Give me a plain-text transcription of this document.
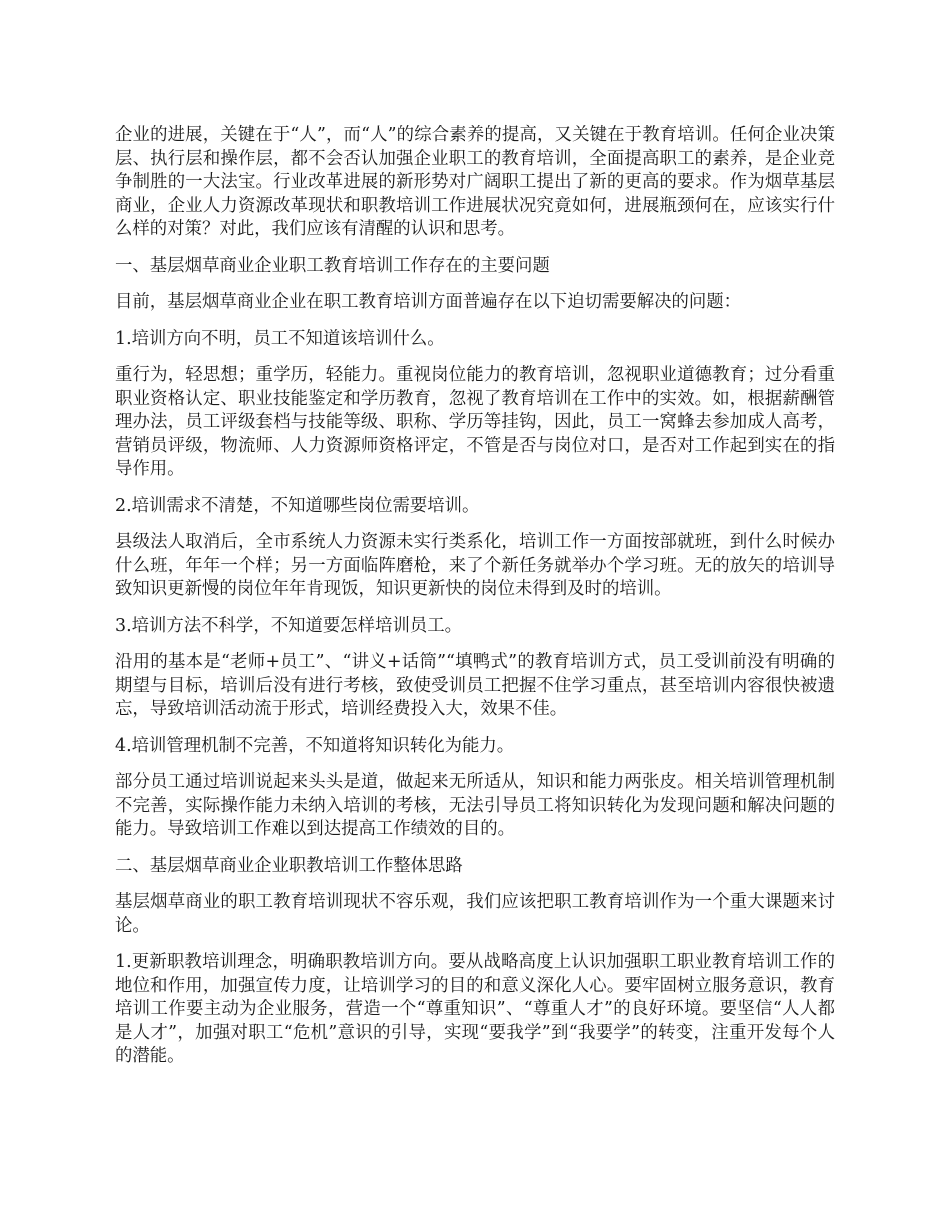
企业的进展，关键在于“人”，而“人”的综合素养的提高，又关键在于教育培训。任何企业决策层、执行层和操作层，都不会否认加强企业职工的教育培训，全面提高职工的素养，是企业竞争制胜的一大法宝。行业改革进展的新形势对广阔职工提出了新的更高的要求。作为烟草基层商业，企业人力资源改革现状和职教培训工作进展状况究竟如何，进展瓶颈何在，应该实行什么样的对策？对此，我们应该有清醒的认识和思考。

一、基层烟草商业企业职工教育培训工作存在的主要问题

目前，基层烟草商业企业在职工教育培训方面普遍存在以下迫切需要解决的问题：

1.培训方向不明，员工不知道该培训什么。

重行为，轻思想；重学历，轻能力。重视岗位能力的教育培训，忽视职业道德教育；过分看重职业资格认定、职业技能鉴定和学历教育，忽视了教育培训在工作中的实效。如，根据薪酬管理办法，员工评级套档与技能等级、职称、学历等挂钩，因此，员工一窝蜂去参加成人高考，营销员评级，物流师、人力资源师资格评定，不管是否与岗位对口，是否对工作起到实在的指导作用。

2.培训需求不清楚，不知道哪些岗位需要培训。

县级法人取消后，全市系统人力资源未实行类系化，培训工作一方面按部就班，到什么时候办什么班，年年一个样；另一方面临阵磨枪，来了个新任务就举办个学习班。无的放矢的培训导致知识更新慢的岗位年年肯现饭，知识更新快的岗位未得到及时的培训。

3.培训方法不科学，不知道要怎样培训员工。

沿用的基本是“老师+员工”、“讲义+话筒”“填鸭式”的教育培训方式，员工受训前没有明确的期望与目标，培训后没有进行考核，致使受训员工把握不住学习重点，甚至培训内容很快被遗忘，导致培训活动流于形式，培训经费投入大，效果不佳。

4.培训管理机制不完善，不知道将知识转化为能力。

部分员工通过培训说起来头头是道，做起来无所适从，知识和能力两张皮。相关培训管理机制不完善，实际操作能力未纳入培训的考核，无法引导员工将知识转化为发现问题和解决问题的能力。导致培训工作难以到达提高工作绩效的目的。

二、基层烟草商业企业职教培训工作整体思路

基层烟草商业的职工教育培训现状不容乐观，我们应该把职工教育培训作为一个重大课题来讨论。

1.更新职教培训理念，明确职教培训方向。要从战略高度上认识加强职工职业教育培训工作的地位和作用，加强宣传力度，让培训学习的目的和意义深化人心。要牢固树立服务意识，教育培训工作要主动为企业服务，营造一个“尊重知识”、“尊重人才”的良好环境。要坚信“人人都是人才”，加强对职工“危机”意识的引导，实现“要我学”到“我要学”的转变，注重开发每个人的潜能。
